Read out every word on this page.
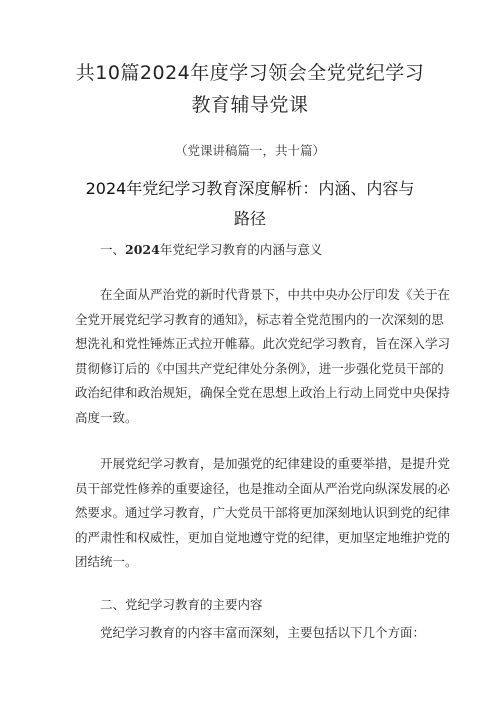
共10篇2024年度学习领会全党党纪学习
教育辅导党课
（党课讲稿篇一，共十篇）
2024年党纪学习教育深度解析：内涵、内容与
路径
一、2024年党纪学习教育的内涵与意义
在全面从严治党的新时代背景下，中共中央办公厅印发《关于在
全党开展党纪学习教育的通知》，标志着全党范围内的一次深刻的思
想洗礼和党性锤炼正式拉开帷幕。此次党纪学习教育，旨在深入学习
贯彻修订后的《中国共产党纪律处分条例》，进一步强化党员干部的
政治纪律和政治规矩，确保全党在思想上政治上行动上同党中央保持
高度一致。
开展党纪学习教育，是加强党的纪律建设的重要举措，是提升党
员干部党性修养的重要途径，也是推动全面从严治党向纵深发展的必
然要求。通过学习教育，广大党员干部将更加深刻地认识到党的纪律
的严肃性和权威性，更加自觉地遵守党的纪律，更加坚定地维护党的
团结统一。
二、党纪学习教育的主要内容
党纪学习教育的内容丰富而深刻，主要包括以下几个方面：
